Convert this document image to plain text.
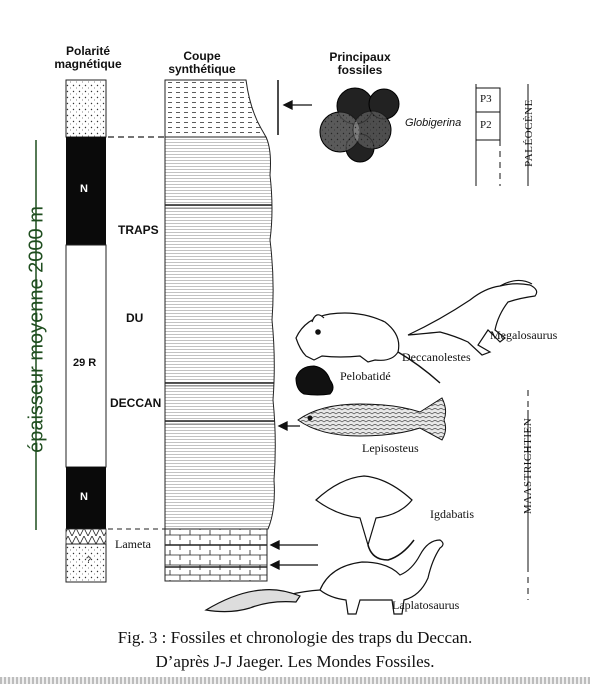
Polarité
magnétique
Coupe
synthétique
Principaux
fossiles
épaisseur moyenne 2000 m
N
29 R
N
?
TRAPS
DU
DECCAN
Lameta
Globigerina
Megalosaurus
Deccanolestes
Pelobatidé
Lepisosteus
Igdabatis
Laplatosaurus
P3
P2	PALÉOCÈNE
MAASTRICHTIEN
Fig. 3 : Fossiles et chronologie des traps du Deccan.
D’après J-J Jaeger. Les Mondes Fossiles.
